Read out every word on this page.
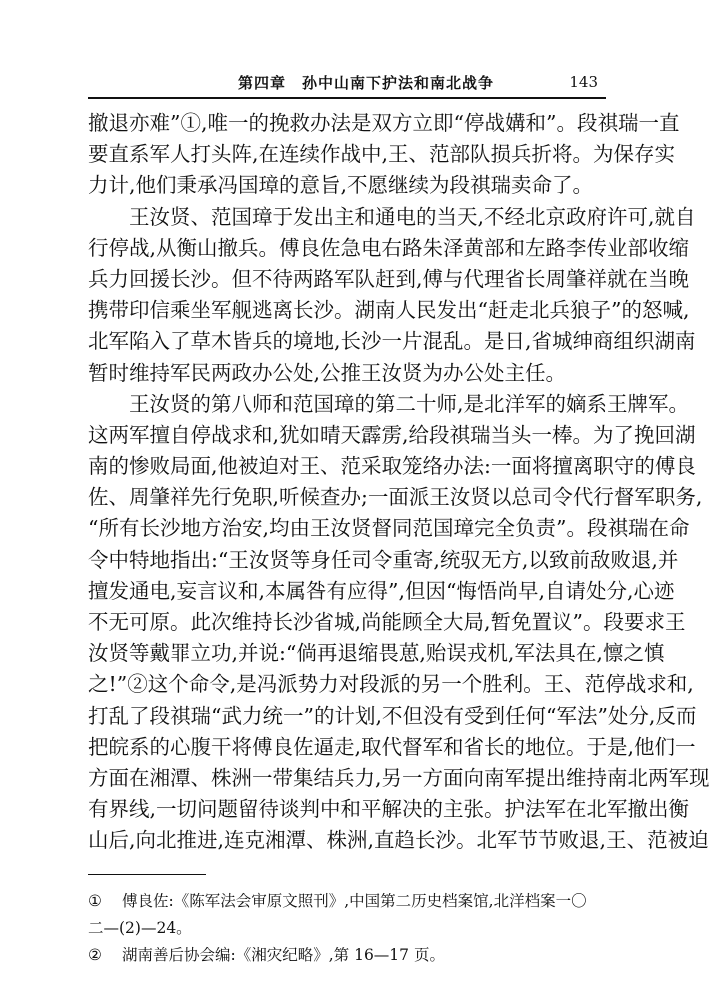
第四章　孙中山南下护法和南北战争	143
撤退亦难”①,唯一的挽救办法是双方立即“停战媾和”。段祺瑞一直
要直系军人打头阵,在连续作战中,王、范部队损兵折将。为保存实
力计,他们秉承冯国璋的意旨,不愿继续为段祺瑞卖命了。
　　王汝贤、范国璋于发出主和通电的当天,不经北京政府许可,就自
行停战,从衡山撤兵。傅良佐急电右路朱泽黄部和左路李传业部收缩
兵力回援长沙。但不待两路军队赶到,傅与代理省长周肇祥就在当晚
携带印信乘坐军舰逃离长沙。湖南人民发出“赶走北兵狼子”的怒喊,
北军陷入了草木皆兵的境地,长沙一片混乱。是日,省城绅商组织湖南
暂时维持军民两政办公处,公推王汝贤为办公处主任。
　　王汝贤的第八师和范国璋的第二十师,是北洋军的嫡系王牌军。
这两军擅自停战求和,犹如晴天霹雳,给段祺瑞当头一棒。为了挽回湖
南的惨败局面,他被迫对王、范采取笼络办法:一面将擅离职守的傅良
佐、周肇祥先行免职,听候查办;一面派王汝贤以总司令代行督军职务,
“所有长沙地方治安,均由王汝贤督同范国璋完全负责”。段祺瑞在命
令中特地指出:“王汝贤等身任司令重寄,统驭无方,以致前敌败退,并
擅发通电,妄言议和,本属咎有应得”,但因“悔悟尚早,自请处分,心迹
不无可原。此次维持长沙省城,尚能顾全大局,暂免置议”。段要求王
汝贤等戴罪立功,并说:“倘再退缩畏葸,贻误戎机,军法具在,懔之慎
之!”②这个命令,是冯派势力对段派的另一个胜利。王、范停战求和,
打乱了段祺瑞“武力统一”的计划,不但没有受到任何“军法”处分,反而
把皖系的心腹干将傅良佐逼走,取代督军和省长的地位。于是,他们一
方面在湘潭、株洲一带集结兵力,另一方面向南军提出维持南北两军现
有界线,一切问题留待谈判中和平解决的主张。护法军在北军撤出衡
山后,向北推进,连克湘潭、株洲,直趋长沙。北军节节败退,王、范被迫
① 傅良佐:《陈军法会审原文照刊》,中国第二历史档案馆,北洋档案一〇
二—(2)—24。
② 湖南善后协会编:《湘灾纪略》,第 16—17 页。
